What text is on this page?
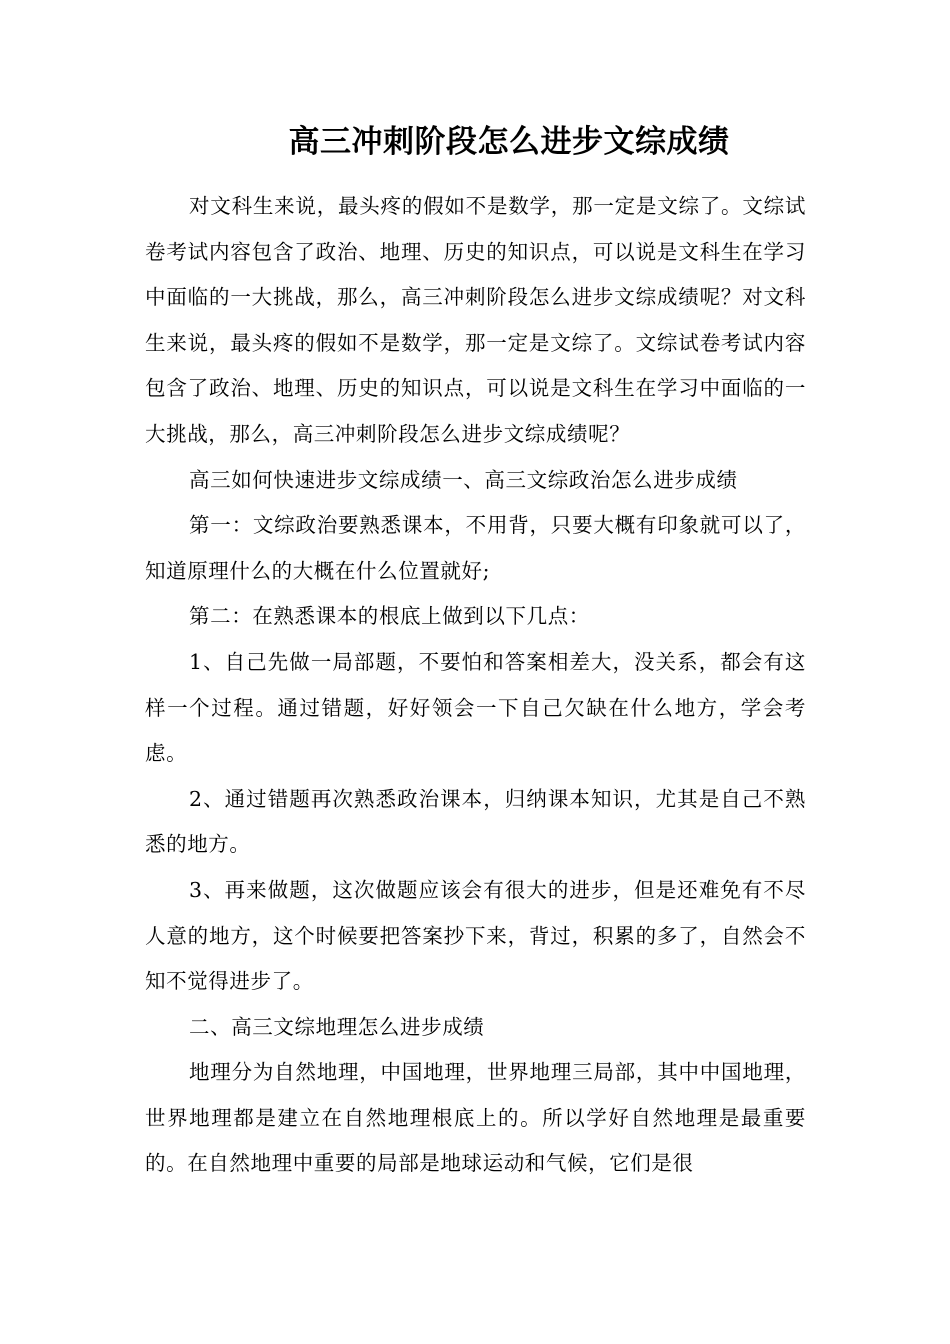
高三冲刺阶段怎么进步文综成绩

对文科生来说，最头疼的假如不是数学，那一定是文综了。文综试卷考试内容包含了政治、地理、历史的知识点，可以说是文科生在学习中面临的一大挑战，那么，高三冲刺阶段怎么进步文综成绩呢？对文科生来说，最头疼的假如不是数学，那一定是文综了。文综试卷考试内容包含了政治、地理、历史的知识点，可以说是文科生在学习中面临的一大挑战，那么，高三冲刺阶段怎么进步文综成绩呢？

高三如何快速进步文综成绩一、高三文综政治怎么进步成绩

第一：文综政治要熟悉课本，不用背，只要大概有印象就可以了，知道原理什么的大概在什么位置就好;

第二：在熟悉课本的根底上做到以下几点：

1、自己先做一局部题，不要怕和答案相差大，没关系，都会有这样一个过程。通过错题，好好领会一下自己欠缺在什么地方，学会考虑。

2、通过错题再次熟悉政治课本，归纳课本知识，尤其是自己不熟悉的地方。

3、再来做题，这次做题应该会有很大的进步，但是还难免有不尽人意的地方，这个时候要把答案抄下来，背过，积累的多了，自然会不知不觉得进步了。

二、高三文综地理怎么进步成绩

地理分为自然地理，中国地理，世界地理三局部，其中中国地理，世界地理都是建立在自然地理根底上的。所以学好自然地理是最重要的。在自然地理中重要的局部是地球运动和气候，它们是很
